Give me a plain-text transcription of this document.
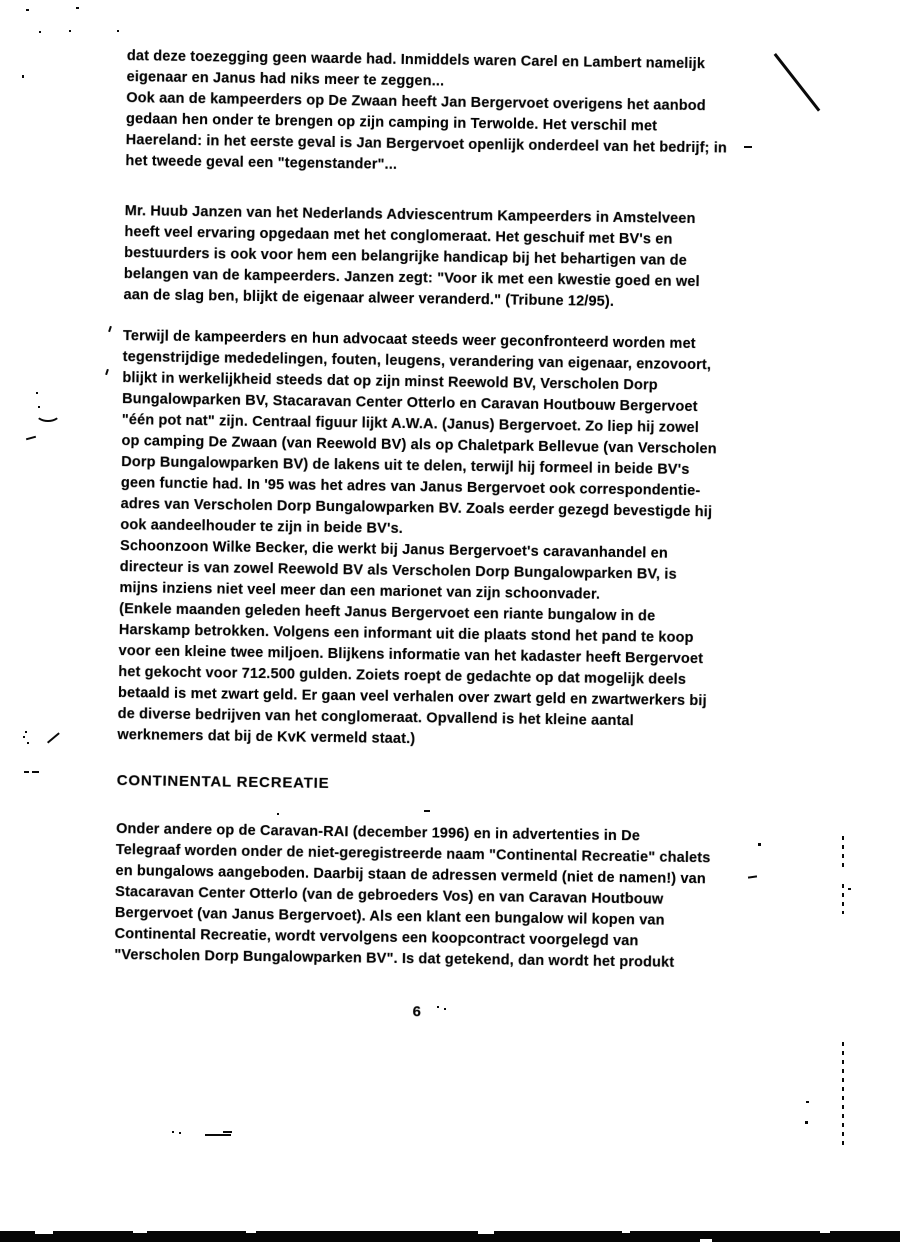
dat deze toezegging geen waarde had. Inmiddels waren Carel en Lambert namelijk
eigenaar en Janus had niks meer te zeggen...
Ook aan de kampeerders op De Zwaan heeft Jan Bergervoet overigens het aanbod
gedaan hen onder te brengen op zijn camping in Terwolde. Het verschil met
Haereland: in het eerste geval is Jan Bergervoet openlijk onderdeel van het bedrijf; in
het tweede geval een "tegenstander"...
Mr. Huub Janzen van het Nederlands Adviescentrum Kampeerders in Amstelveen
heeft veel ervaring opgedaan met het conglomeraat. Het geschuif met BV's en
bestuurders is ook voor hem een belangrijke handicap bij het behartigen van de
belangen van de kampeerders. Janzen zegt: "Voor ik met een kwestie goed en wel
aan de slag ben, blijkt de eigenaar alweer veranderd." (Tribune 12/95).
Terwijl de kampeerders en hun advocaat steeds weer geconfronteerd worden met
tegenstrijdige mededelingen, fouten, leugens, verandering van eigenaar, enzovoort,
blijkt in werkelijkheid steeds dat op zijn minst Reewold BV, Verscholen Dorp
Bungalowparken BV, Stacaravan Center Otterlo en Caravan Houtbouw Bergervoet
"één pot nat" zijn. Centraal figuur lijkt A.W.A. (Janus) Bergervoet. Zo liep hij zowel
op camping De Zwaan (van Reewold BV) als op Chaletpark Bellevue (van Verscholen
Dorp Bungalowparken BV) de lakens uit te delen, terwijl hij formeel in beide BV's
geen functie had. In '95 was het adres van Janus Bergervoet ook correspondentie-
adres van Verscholen Dorp Bungalowparken BV. Zoals eerder gezegd bevestigde hij
ook aandeelhouder te zijn in beide BV's.
Schoonzoon Wilke Becker, die werkt bij Janus Bergervoet's caravanhandel en
directeur is van zowel Reewold BV als Verscholen Dorp Bungalowparken BV, is
mijns inziens niet veel meer dan een marionet van zijn schoonvader.
(Enkele maanden geleden heeft Janus Bergervoet een riante bungalow in de
Harskamp betrokken. Volgens een informant uit die plaats stond het pand te koop
voor een kleine twee miljoen. Blijkens informatie van het kadaster heeft Bergervoet
het gekocht voor 712.500 gulden. Zoiets roept de gedachte op dat mogelijk deels
betaald is met zwart geld. Er gaan veel verhalen over zwart geld en zwartwerkers bij
de diverse bedrijven van het conglomeraat. Opvallend is het kleine aantal
werknemers dat bij de KvK vermeld staat.)
CONTINENTAL RECREATIE
Onder andere op de Caravan-RAI (december 1996) en in advertenties in De
Telegraaf worden onder de niet-geregistreerde naam "Continental Recreatie" chalets
en bungalows aangeboden. Daarbij staan de adressen vermeld (niet de namen!) van
Stacaravan Center Otterlo (van de gebroeders Vos) en van Caravan Houtbouw
Bergervoet (van Janus Bergervoet). Als een klant een bungalow wil kopen van
Continental Recreatie, wordt vervolgens een koopcontract voorgelegd van
"Verscholen Dorp Bungalowparken BV". Is dat getekend, dan wordt het produkt
6
